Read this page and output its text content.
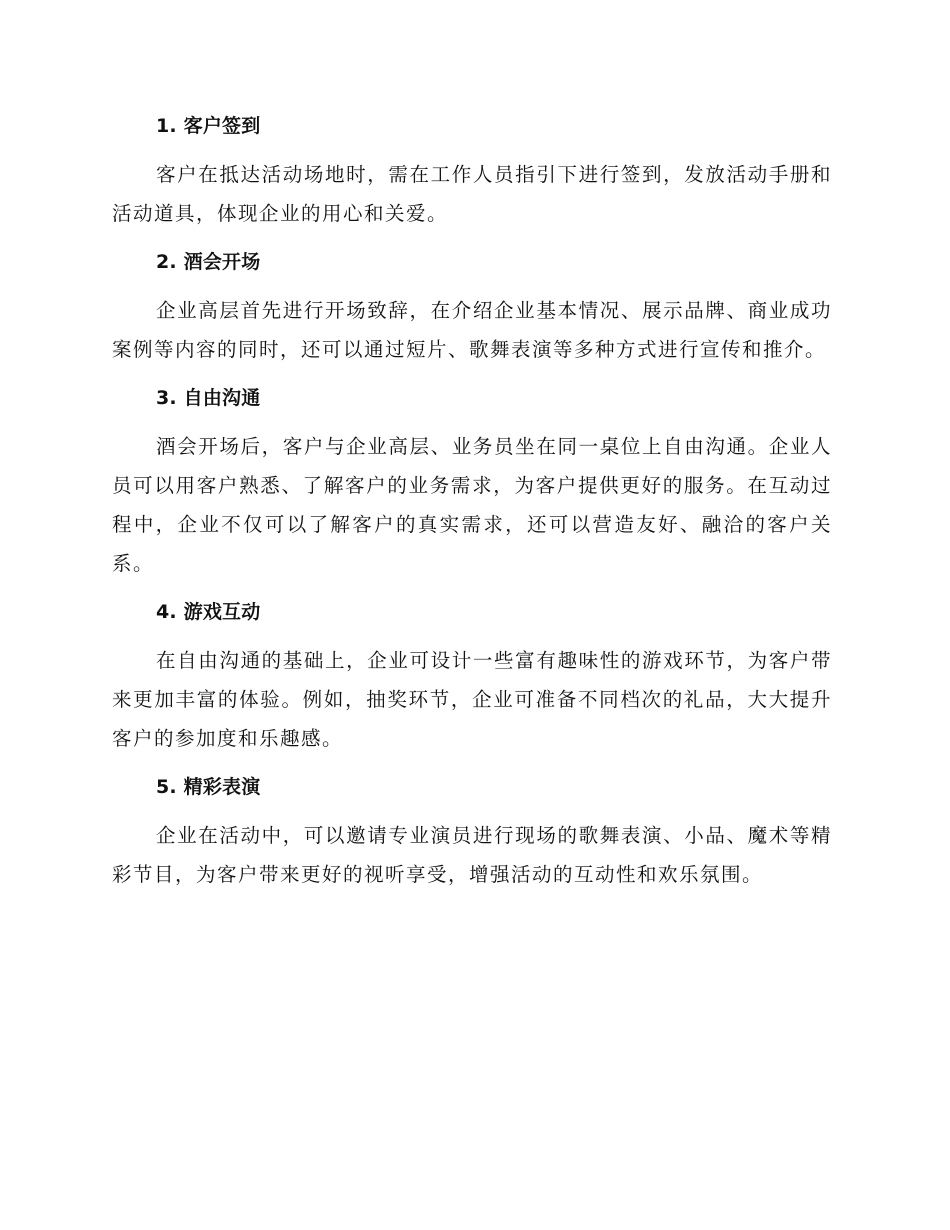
1. 客户签到

客户在抵达活动场地时，需在工作人员指引下进行签到，发放活动手册和活动道具，体现企业的用心和关爱。

2. 酒会开场

企业高层首先进行开场致辞，在介绍企业基本情况、展示品牌、商业成功案例等内容的同时，还可以通过短片、歌舞表演等多种方式进行宣传和推介。

3. 自由沟通

酒会开场后，客户与企业高层、业务员坐在同一桌位上自由沟通。企业人员可以用客户熟悉、了解客户的业务需求，为客户提供更好的服务。在互动过程中，企业不仅可以了解客户的真实需求，还可以营造友好、融洽的客户关系。

4. 游戏互动

在自由沟通的基础上，企业可设计一些富有趣味性的游戏环节，为客户带来更加丰富的体验。例如，抽奖环节，企业可准备不同档次的礼品，大大提升客户的参加度和乐趣感。

5. 精彩表演

企业在活动中，可以邀请专业演员进行现场的歌舞表演、小品、魔术等精彩节目，为客户带来更好的视听享受，增强活动的互动性和欢乐氛围。
